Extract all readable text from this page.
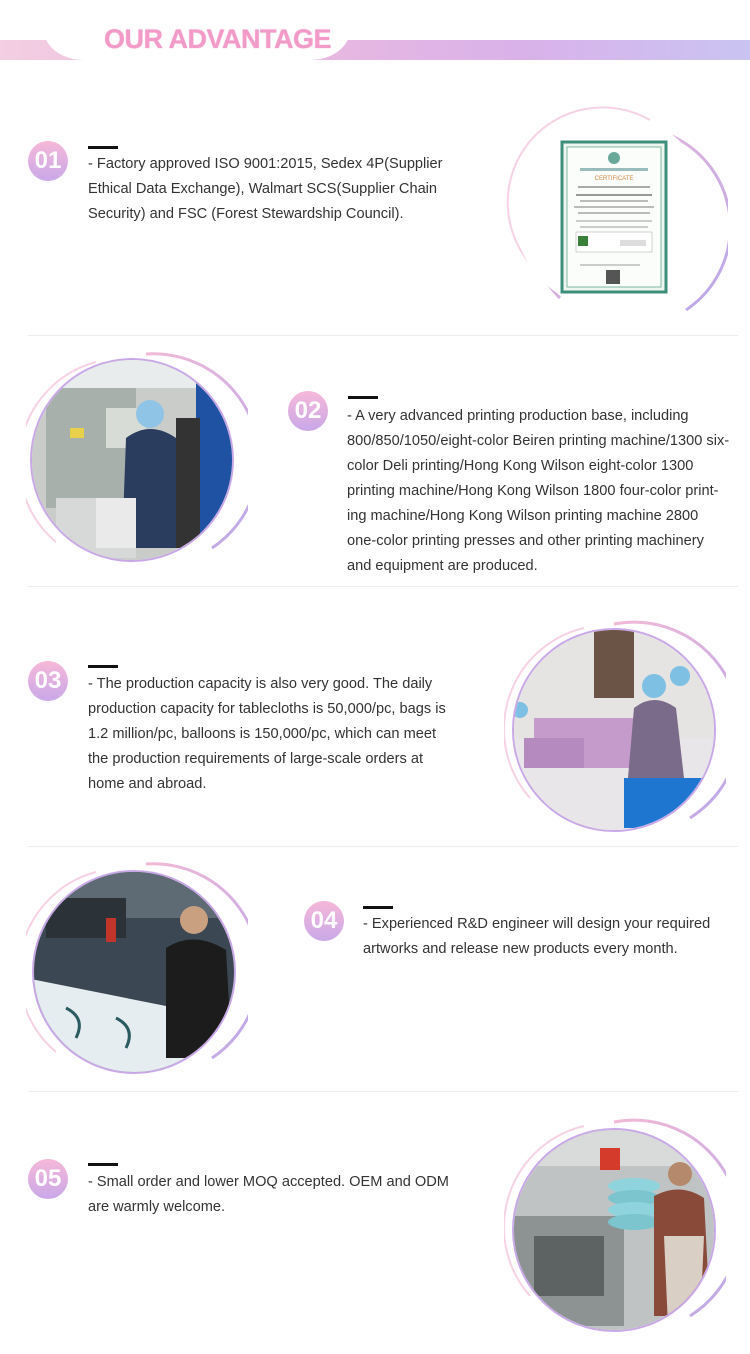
OUR ADVANTAGE
01	- Factory approved ISO 9001:2015, Sedex 4P(Supplier Ethical Data Exchange), Walmart SCS(Supplier Chain Security) and FSC (Forest Stewardship Council).
CERTIFICATE
02	- A very advanced printing production base, including 800/850/1050/eight-color Beiren printing machine/1300 six-color Deli printing/Hong Kong Wilson eight-color 1300 printing machine/Hong Kong Wilson 1800 four-color print-ing machine/Hong Kong Wilson printing machine 2800 one-color printing presses and other printing machinery and equipment are produced.
03	- The production capacity is also very good. The daily production capacity for tablecloths is 50,000/pc, bags is 1.2 million/pc, balloons is 150,000/pc, which can meet the production requirements of large-scale orders at home and abroad.
04	- Experienced R&D engineer will design your required artworks and release new products every month.
05	- Small order and lower MOQ accepted. OEM and ODM are warmly welcome.
